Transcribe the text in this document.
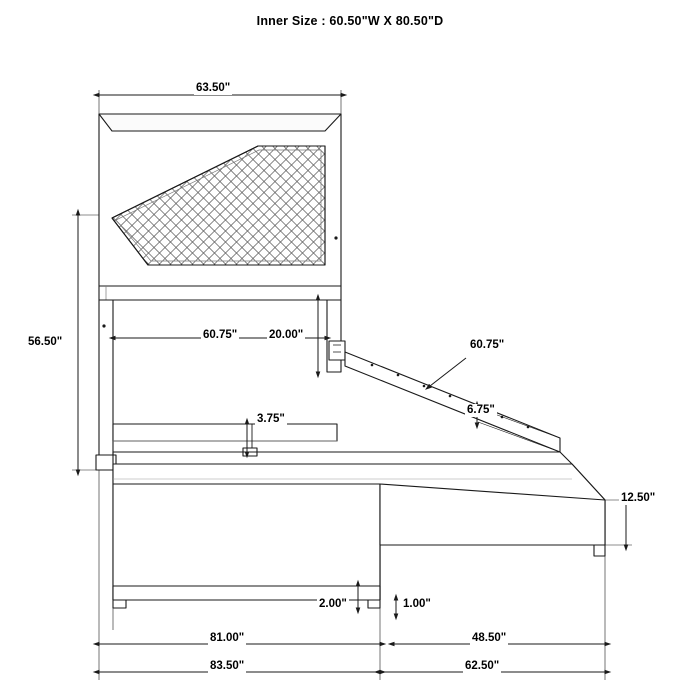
Inner Size : 60.50"W X 80.50"D
63.50"
56.50"
60.75"	20.00"
60.75"
6.75"
3.75"
12.50"
2.00"	1.00"
81.00"	48.50"
83.50"	62.50"
